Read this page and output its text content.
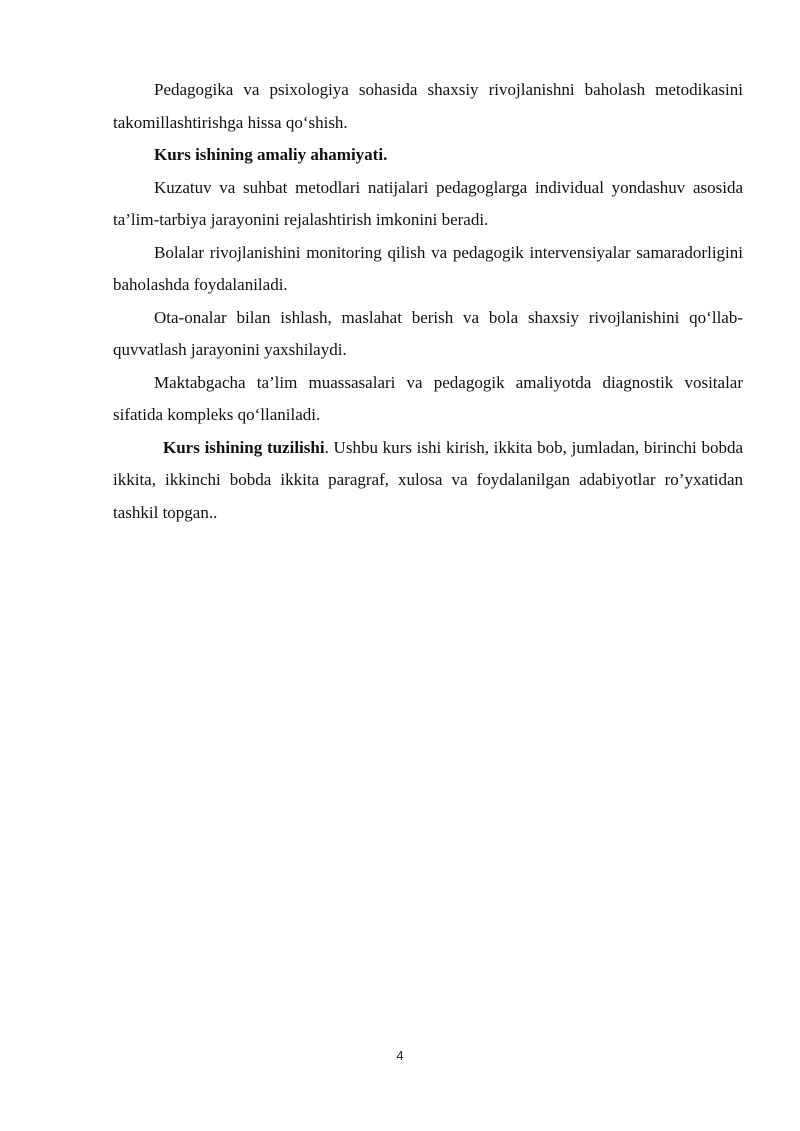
Pedagogika va psixologiya sohasida shaxsiy rivojlanishni baholash metodikasini takomillashtirishga hissa qo‘shish.

Kurs ishining amaliy ahamiyati.

Kuzatuv va suhbat metodlari natijalari pedagoglarga individual yondashuv asosida ta’lim-tarbiya jarayonini rejalashtirish imkonini beradi.

Bolalar rivojlanishini monitoring qilish va pedagogik intervensiyalar samaradorligini baholashda foydalaniladi.

Ota-onalar bilan ishlash, maslahat berish va bola shaxsiy rivojlanishini qo‘llab-quvvatlash jarayonini yaxshilaydi.

Maktabgacha ta’lim muassasalari va pedagogik amaliyotda diagnostik vositalar sifatida kompleks qo‘llaniladi.

Kurs ishining tuzilishi. Ushbu kurs ishi kirish, ikkita bob, jumladan, birinchi bobda ikkita, ikkinchi bobda ikkita paragraf, xulosa va foydalanilgan adabiyotlar ro’yxatidan tashkil topgan..

4
